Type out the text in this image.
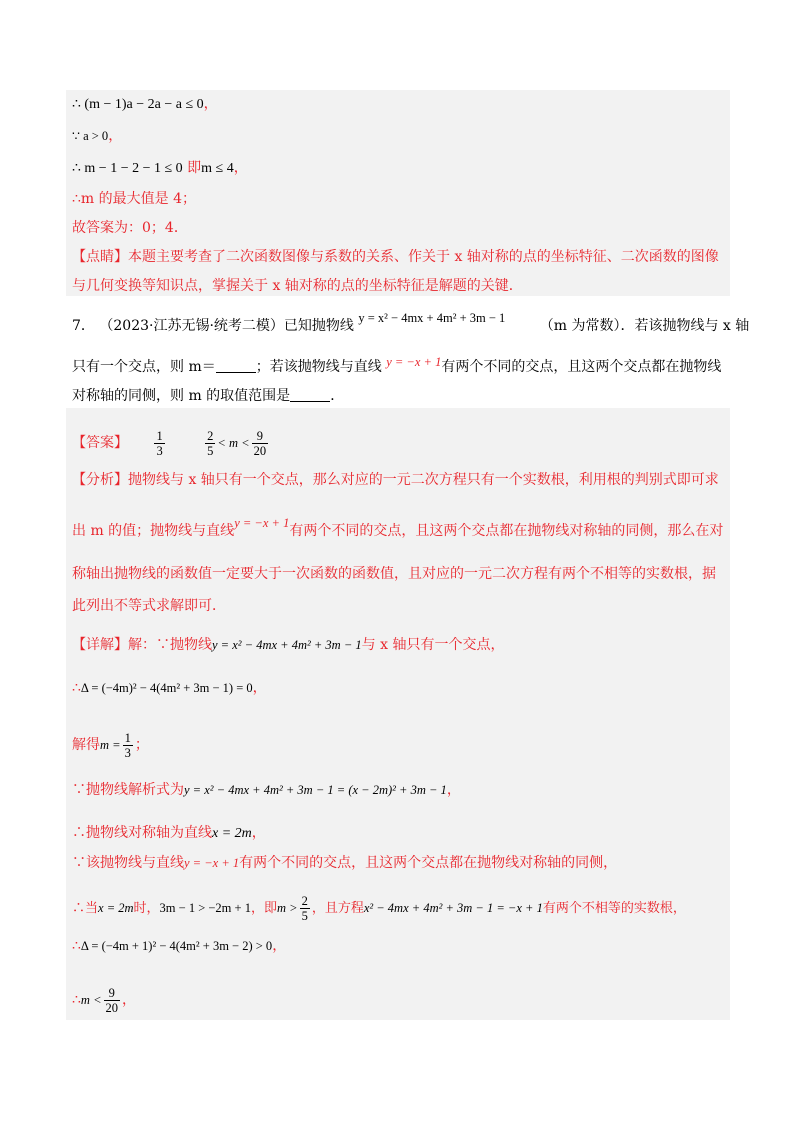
∴ (m − 1)a − 2a − a ≤ 0，
∵ a > 0，
∴ m − 1 − 2 − 1 ≤ 0 即m ≤ 4，
∴m 的最大值是 4；
故答案为：0；4．
【点睛】本题主要考查了二次函数图像与系数的关系、作关于 x 轴对称的点的坐标特征、二次函数的图像
与几何变换等知识点，掌握关于 x 轴对称的点的坐标特征是解题的关键．
7． （2023·江苏无锡·统考二模）已知抛物线 y = x² − 4mx + 4m² + 3m − 1 （m 为常数）．若该抛物线与 x 轴
只有一个交点，则 m＝	；若该抛物线与直线 y = −x + 1有两个不同的交点，且这两个交点都在抛物线
对称轴的同侧，则 m 的取值范围是	．
【答案】 $\frac{1}{3}$
	$\frac{2}{5} < m < \frac{9}{20}$
【分析】抛物线与 x 轴只有一个交点，那么对应的一元二次方程只有一个实数根，利用根的判别式即可求
出 m 的值；抛物线与直线y = −x + 1有两个不同的交点，且这两个交点都在抛物线对称轴的同侧，那么在对
称轴出抛物线的函数值一定要大于一次函数的函数值，且对应的一元二次方程有两个不相等的实数根，据
此列出不等式求解即可．
【详解】解：∵抛物线y = x² − 4mx + 4m² + 3m − 1与 x 轴只有一个交点，
∴Δ = (−4m)² − 4(4m² + 3m − 1) = 0，
解得$m = \frac{1}{3}$ ；
∵抛物线解析式为y = x² − 4mx + 4m² + 3m − 1 = (x − 2m)² + 3m − 1，
∴抛物线对称轴为直线x = 2m，
∵该抛物线与直线y = −x + 1有两个不同的交点，且这两个交点都在抛物线对称轴的同侧，
∴当x = 2m时，3m − 1 > −2m + 1，即$m > \frac{2}{5}$ ，且方程x² − 4mx + 4m² + 3m − 1 = −x + 1有两个不相等的实数根，
∴Δ = (−4m + 1)² − 4(4m² + 3m − 2) > 0，
∴m < $\frac{9}{20}$ ，
